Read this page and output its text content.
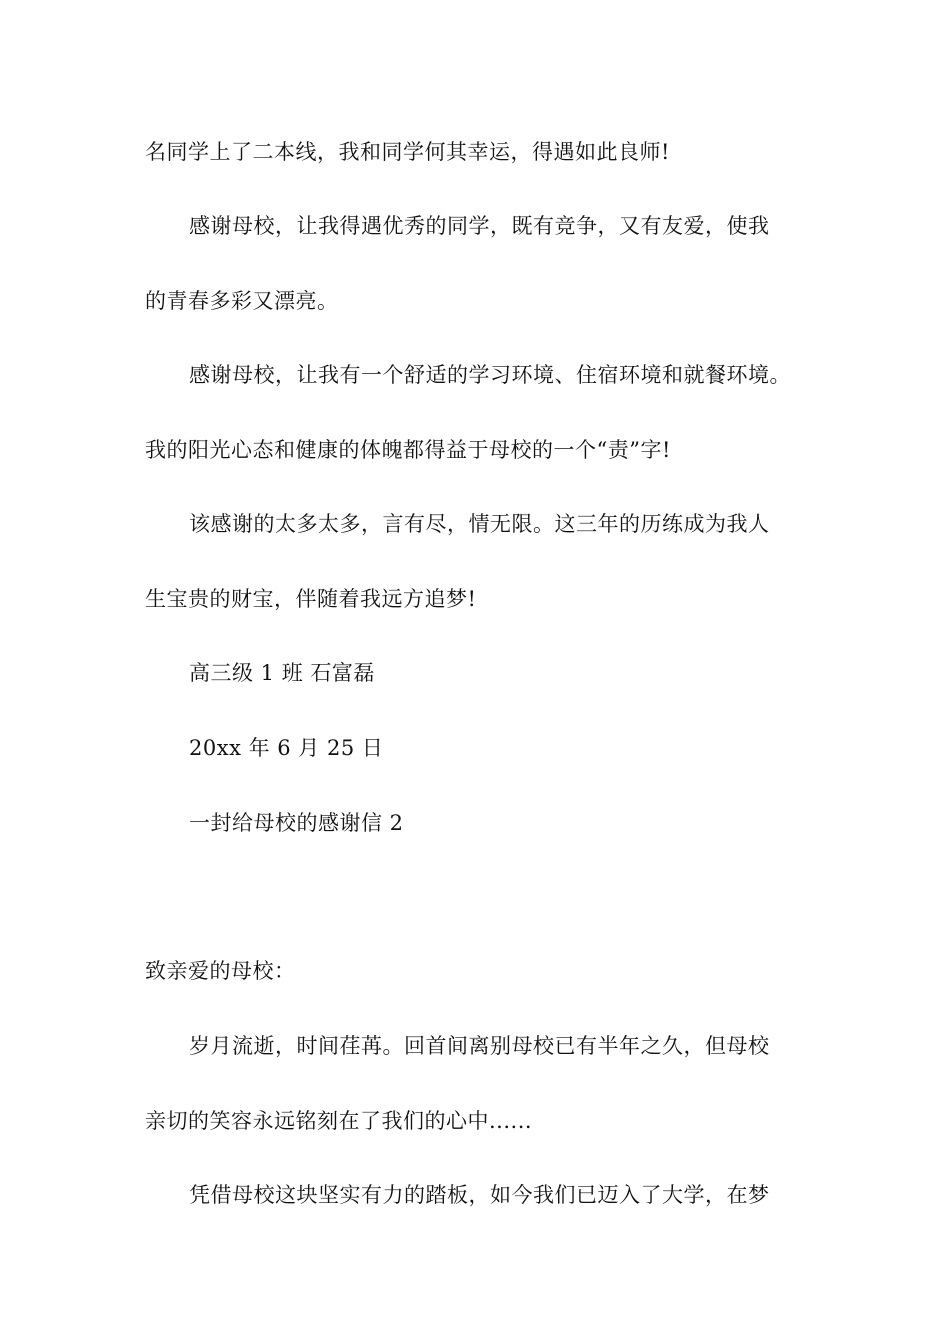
名同学上了二本线，我和同学何其幸运，得遇如此良师!
感谢母校，让我得遇优秀的同学，既有竞争，又有友爱，使我
的青春多彩又漂亮。
感谢母校，让我有一个舒适的学习环境、住宿环境和就餐环境。
我的阳光心态和健康的体魄都得益于母校的一个“责”字!
该感谢的太多太多，言有尽，情无限。这三年的历练成为我人
生宝贵的财宝，伴随着我远方追梦!
高三级 1 班 石富磊
20xx 年 6 月 25 日
一封给母校的感谢信 2
致亲爱的母校：
岁月流逝，时间荏苒。回首间离别母校已有半年之久，但母校
亲切的笑容永远铭刻在了我们的心中......
凭借母校这块坚实有力的踏板，如今我们已迈入了大学，在梦
